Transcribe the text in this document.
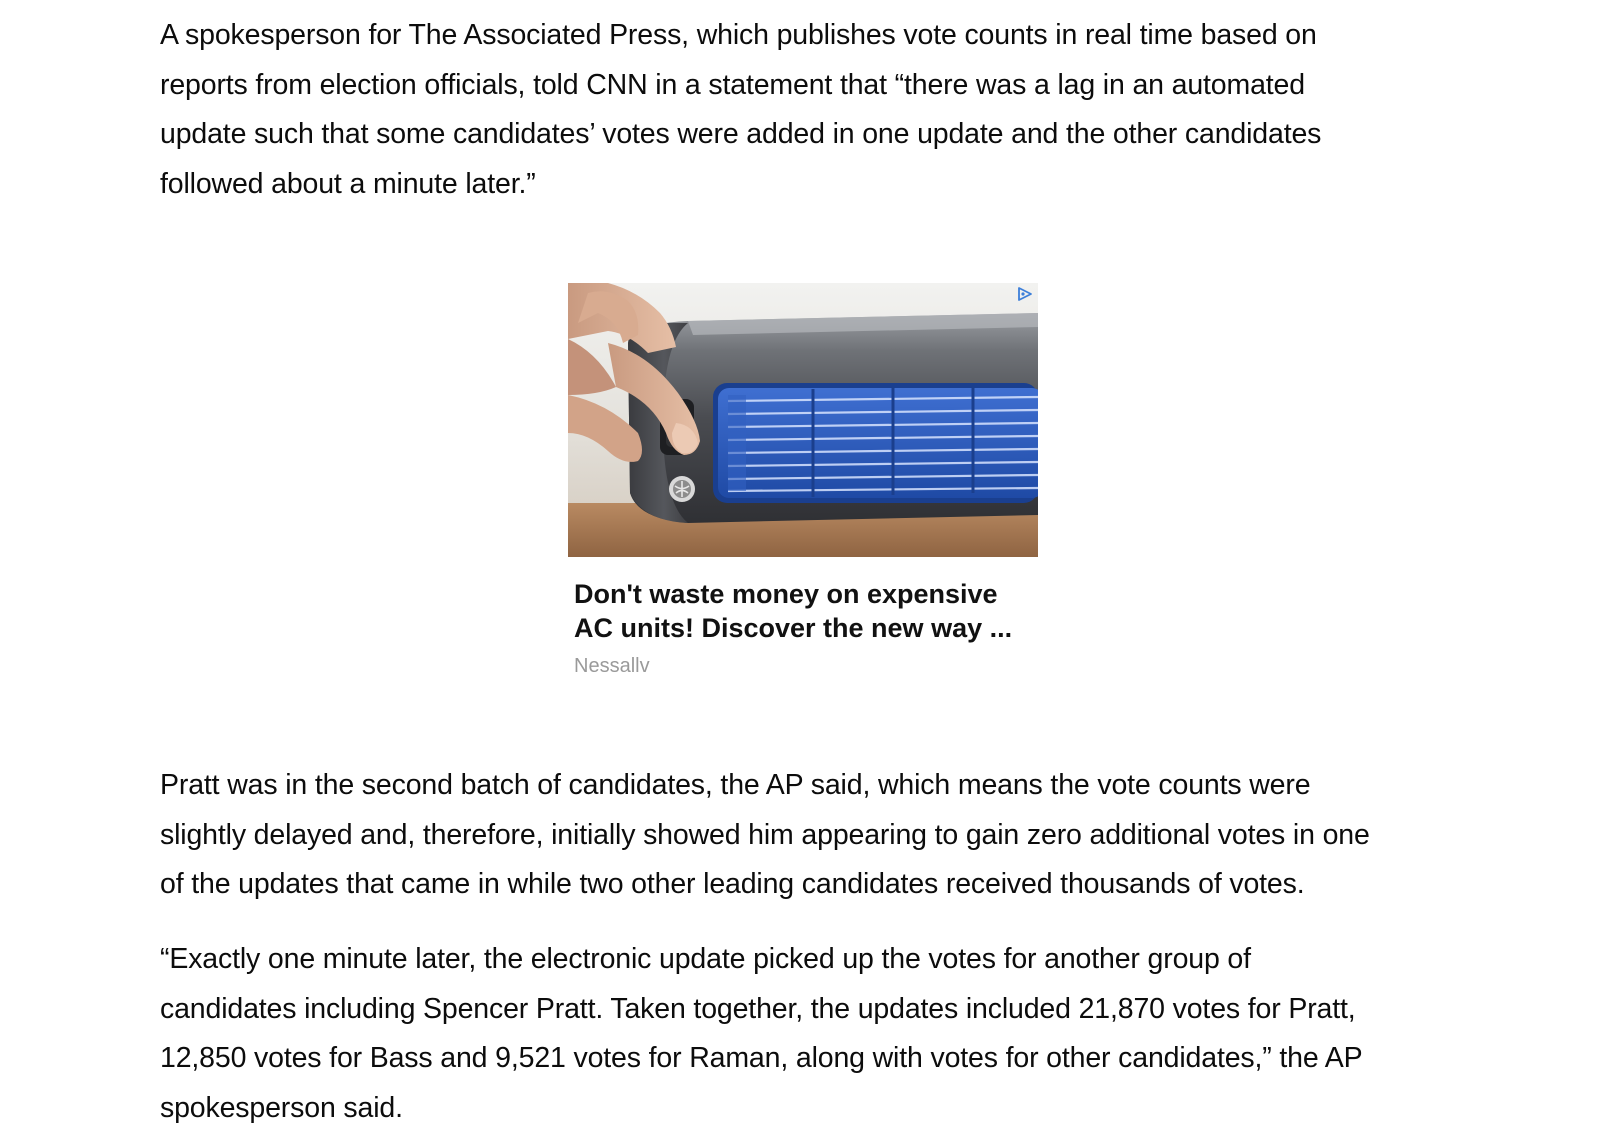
A spokesperson for The Associated Press, which publishes vote counts in real time based on
reports from election officials, told CNN in a statement that “there was a lag in an automated
update such that some candidates’ votes were added in one update and the other candidates
followed about a minute later.”

Pratt was in the second batch of candidates, the AP said, which means the vote counts were
slightly delayed and, therefore, initially showed him appearing to gain zero additional votes in one
of the updates that came in while two other leading candidates received thousands of votes.

“Exactly one minute later, the electronic update picked up the votes for another group of
candidates including Spencer Pratt. Taken together, the updates included 21,870 votes for Pratt,
12,850 votes for Bass and 9,521 votes for Raman, along with votes for other candidates,” the AP
spokesperson said.

Don't waste money on expensive
AC units! Discover the new way ...
Nessallv
